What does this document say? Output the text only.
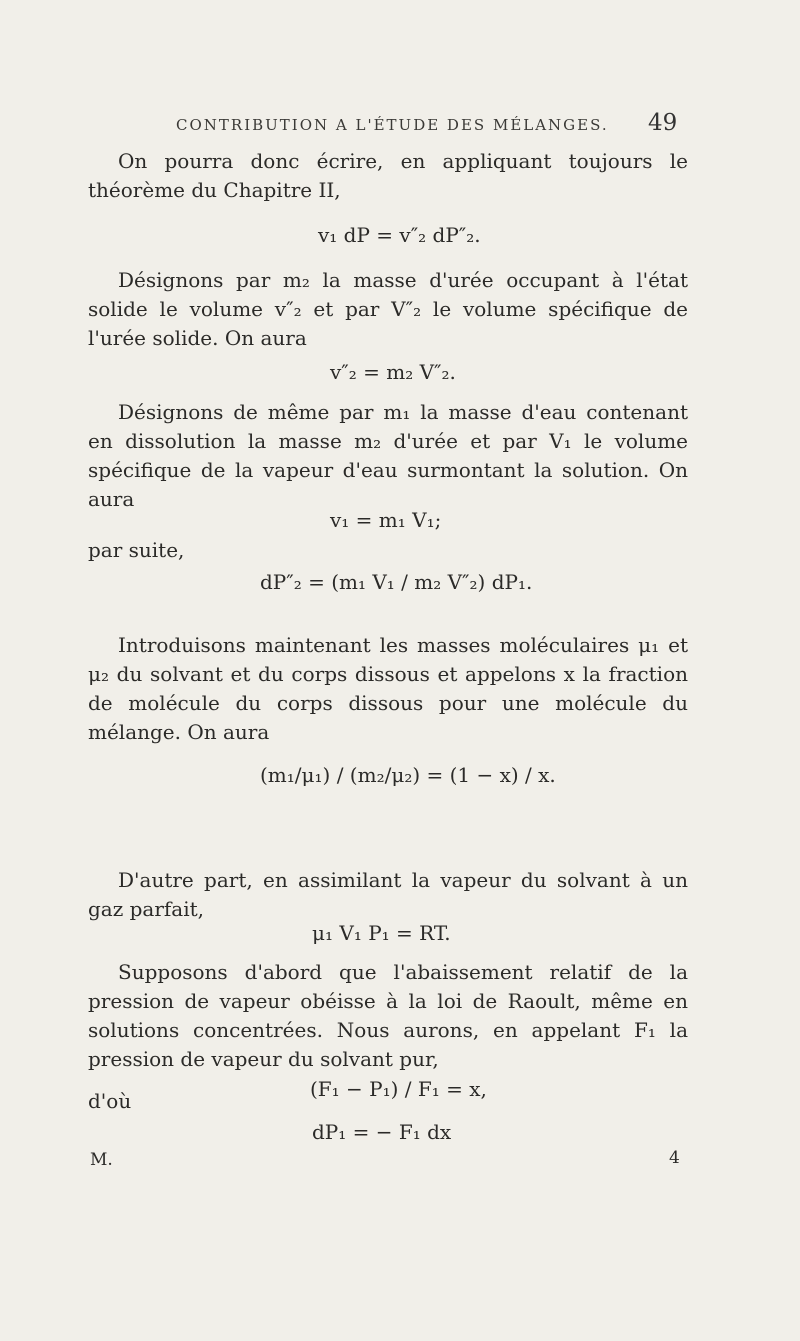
CONTRIBUTION A L'ÉTUDE DES MÉLANGES. 49

On pourra donc écrire, en appliquant toujours le théorème du Chapitre II,

v₁ dP = v″₂ dP″₂.

Désignons par m₂ la masse d'urée occupant à l'état solide le volume v″₂ et par V″₂ le volume spécifique de l'urée solide. On aura

v″₂ = m₂ V″₂.

Désignons de même par m₁ la masse d'eau contenant en dissolution la masse m₂ d'urée et par V₁ le volume spécifique de la vapeur d'eau surmontant la solution. On aura

v₁ = m₁ V₁;

par suite,

dP″₂ = (m₁ V₁ / m₂ V″₂) dP₁.

Introduisons maintenant les masses moléculaires μ₁ et μ₂ du solvant et du corps dissous et appelons x la fraction de molécule du corps dissous pour une molécule du mélange. On aura

(m₁/μ₁) / (m₂/μ₂) = (1 − x) / x.

D'autre part, en assimilant la vapeur du solvant à un gaz parfait,

μ₁ V₁ P₁ = RT.

Supposons d'abord que l'abaissement relatif de la pression de vapeur obéisse à la loi de Raoult, même en solutions concentrées. Nous aurons, en appelant F₁ la pression de vapeur du solvant pur,

(F₁ − P₁) / F₁ = x,

d'où

dP₁ = − F₁ dx
M.	4
